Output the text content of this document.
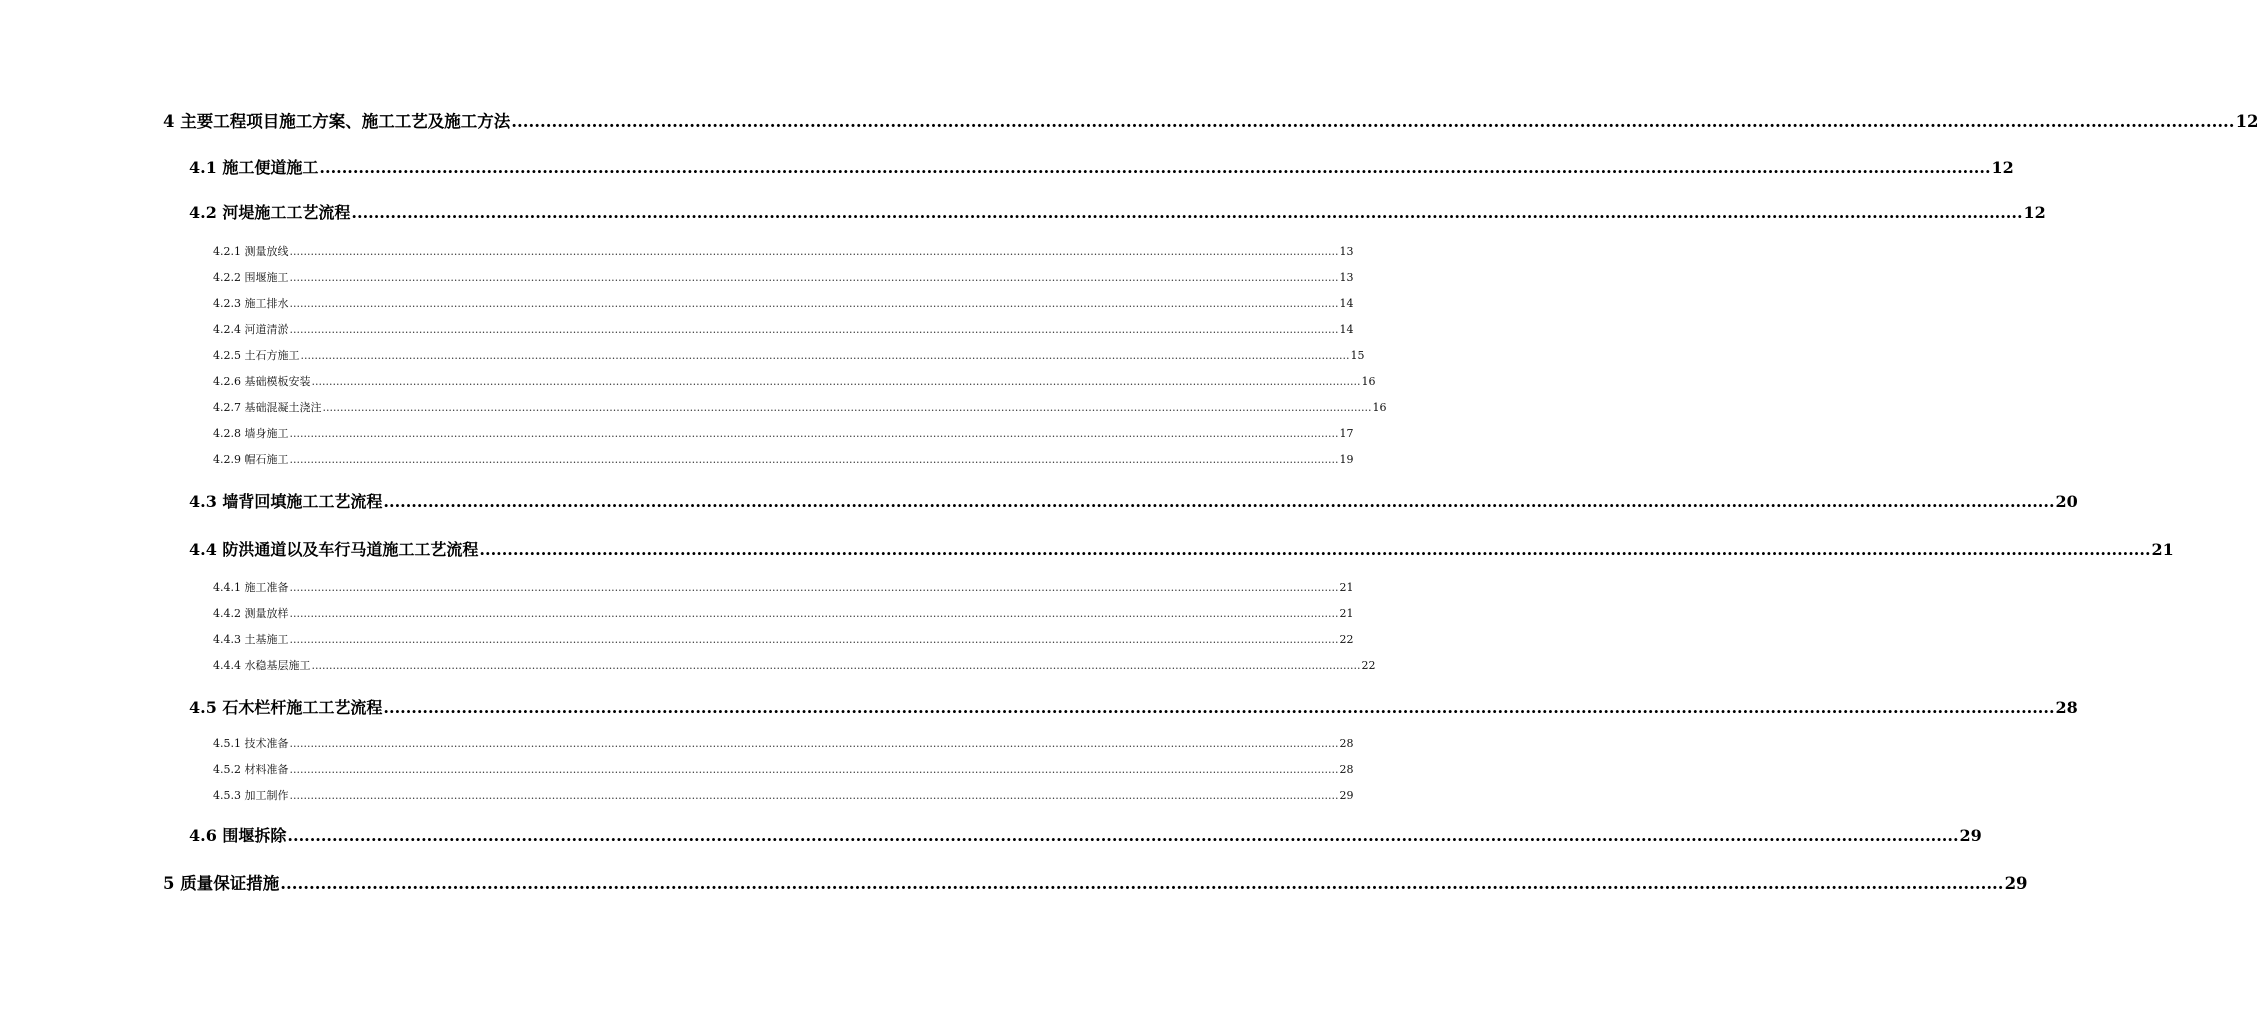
4 主要工程项目施工方案、施工工艺及施工方法 ............................................................................................................................................................................................................................................................................................................ 12
4.1 施工便道施工 ............................................................................................................................................................................................................................................................................................................ 12
4.2 河堤施工工艺流程 ............................................................................................................................................................................................................................................................................................................ 12
4.2.1 测量放线 ............................................................................................................................................................................................................................................................................................................ 13
4.2.2 围堰施工 ............................................................................................................................................................................................................................................................................................................ 13
4.2.3 施工排水 ............................................................................................................................................................................................................................................................................................................ 14
4.2.4 河道清淤 ............................................................................................................................................................................................................................................................................................................ 14
4.2.5 土石方施工 ............................................................................................................................................................................................................................................................................................................ 15
4.2.6 基础模板安装 ............................................................................................................................................................................................................................................................................................................ 16
4.2.7 基础混凝土浇注 ............................................................................................................................................................................................................................................................................................................ 16
4.2.8 墙身施工 ............................................................................................................................................................................................................................................................................................................ 17
4.2.9 帽石施工 ............................................................................................................................................................................................................................................................................................................ 19
4.3 墙背回填施工工艺流程 ............................................................................................................................................................................................................................................................................................................ 20
4.4 防洪通道以及车行马道施工工艺流程 ............................................................................................................................................................................................................................................................................................................ 21
4.4.1 施工准备 ............................................................................................................................................................................................................................................................................................................ 21
4.4.2 测量放样 ............................................................................................................................................................................................................................................................................................................ 21
4.4.3 土基施工 ............................................................................................................................................................................................................................................................................................................ 22
4.4.4 水稳基层施工 ............................................................................................................................................................................................................................................................................................................ 22
4.5 石木栏杆施工工艺流程 ............................................................................................................................................................................................................................................................................................................ 28
4.5.1 技术准备 ............................................................................................................................................................................................................................................................................................................ 28
4.5.2 材料准备 ............................................................................................................................................................................................................................................................................................................ 28
4.5.3 加工制作 ............................................................................................................................................................................................................................................................................................................ 29
4.6 围堰拆除 ............................................................................................................................................................................................................................................................................................................ 29
5 质量保证措施 ............................................................................................................................................................................................................................................................................................................ 29
